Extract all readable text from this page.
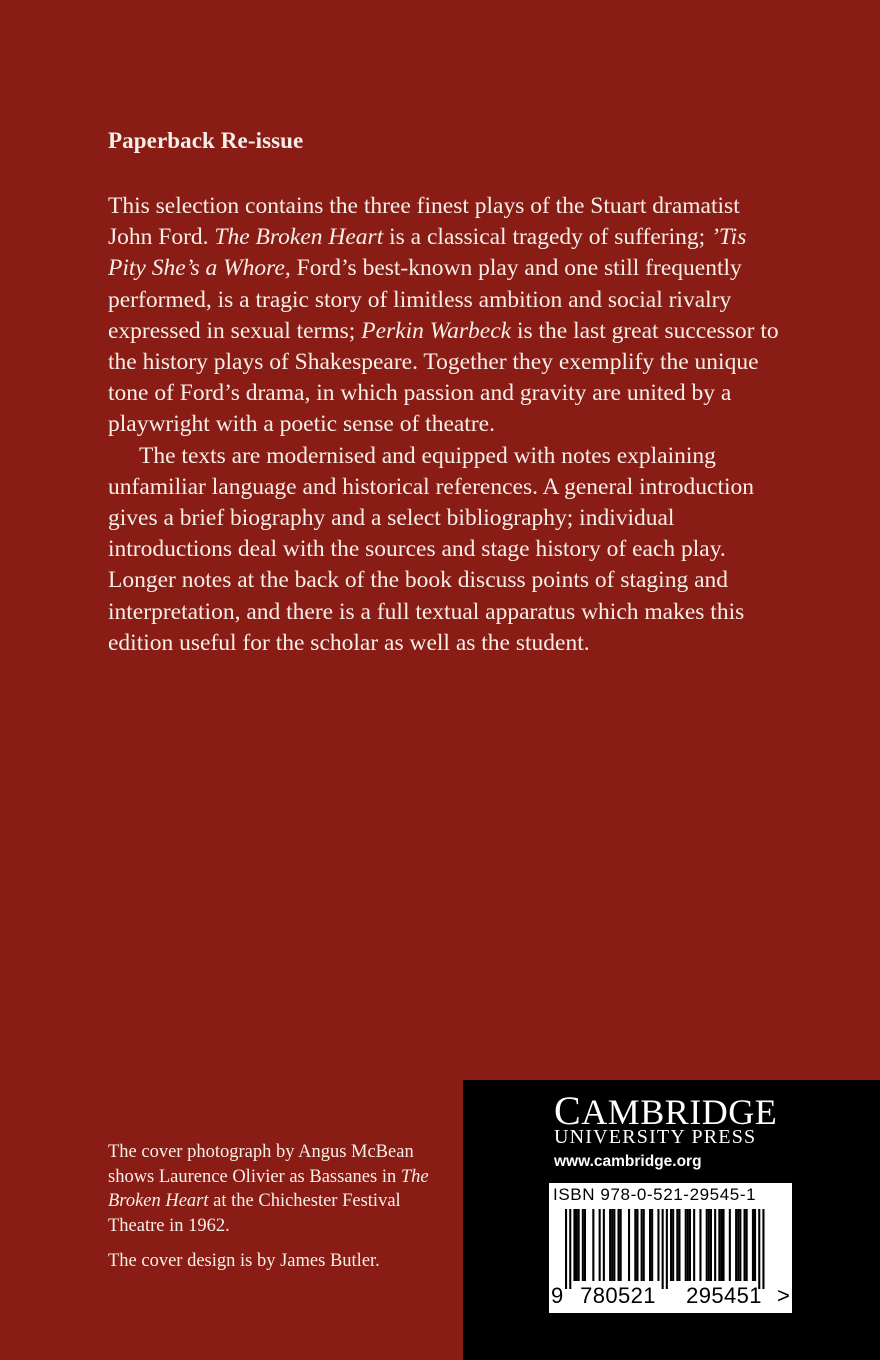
Paperback Re-issue

This selection contains the three finest plays of the Stuart dramatist John Ford. The Broken Heart is a classical tragedy of suffering; ’Tis Pity She’s a Whore, Ford’s best-known play and one still frequently performed, is a tragic story of limitless ambition and social rivalry expressed in sexual terms; Perkin Warbeck is the last great successor to the history plays of Shakespeare. Together they exemplify the unique tone of Ford’s drama, in which passion and gravity are united by a playwright with a poetic sense of theatre.

The texts are modernised and equipped with notes explaining unfamiliar language and historical references. A general introduction gives a brief biography and a select bibliography; individual introductions deal with the sources and stage history of each play. Longer notes at the back of the book discuss points of staging and interpretation, and there is a full textual apparatus which makes this edition useful for the scholar as well as the student.

The cover photograph by Angus McBean shows Laurence Olivier as Bassanes in The Broken Heart at the Chichester Festival Theatre in 1962.

The cover design is by James Butler.

CAMBRIDGE
UNIVERSITY PRESS
www.cambridge.org
ISBN 978-0-521-29545-1
9 780521 295451 >
